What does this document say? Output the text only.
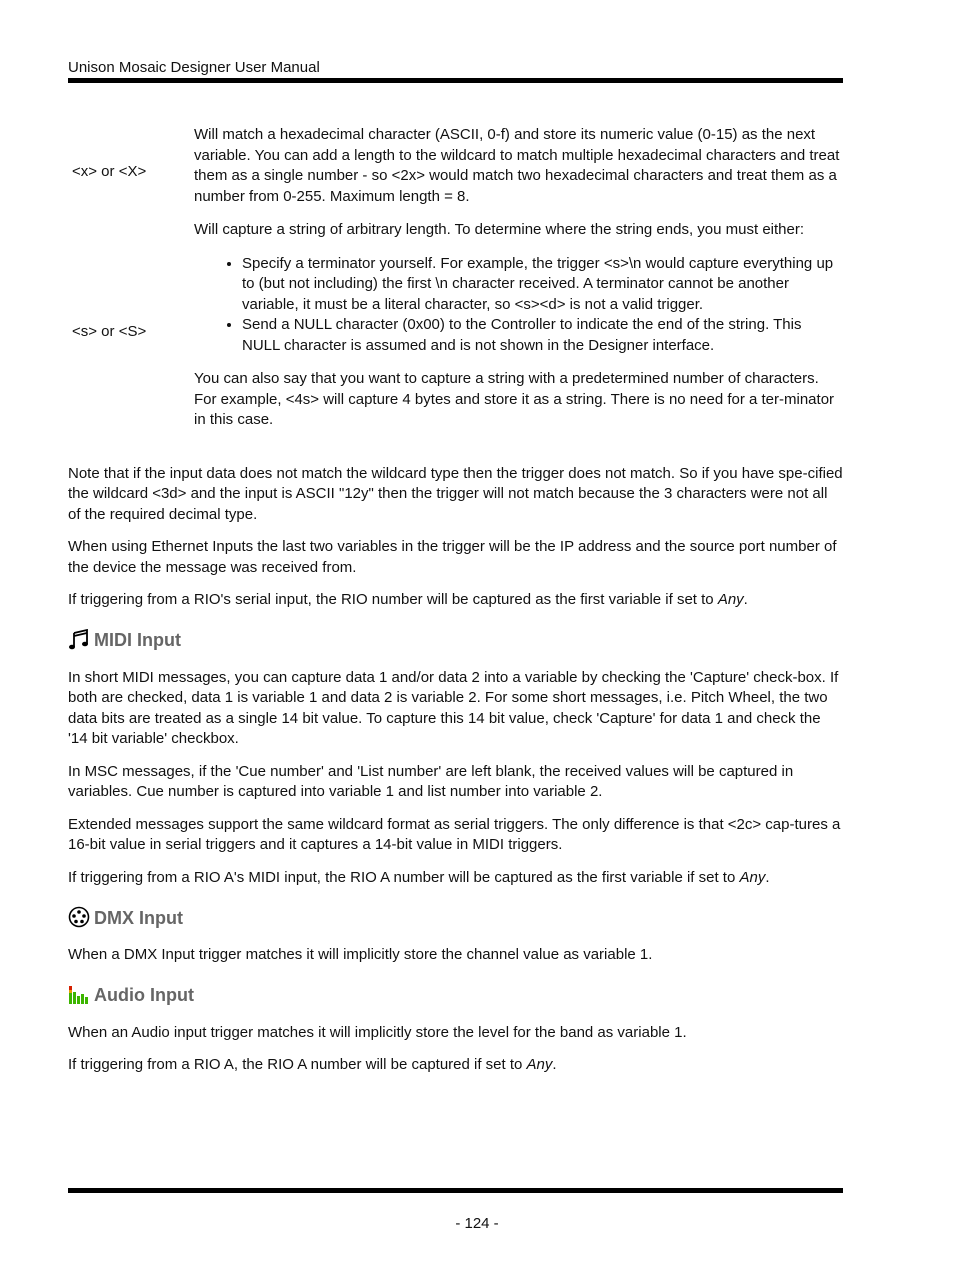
Unison Mosaic Designer User Manual
<x> or <X>

Will match a hexadecimal character (ASCII, 0-f) and store its numeric value (0-15) as the next variable. You can add a length to the wildcard to match multiple hexadecimal characters and treat them as a single number - so <2x> would match two hexadecimal characters and treat them as a number from 0-255. Maximum length = 8.

<s> or <S>

Will capture a string of arbitrary length. To determine where the string ends, you must either:

• Specify a terminator yourself. For example, the trigger <s>\n would capture everything up to (but not including) the first \n character received. A terminator cannot be another variable, it must be a literal character, so <s><d> is not a valid trigger.
• Send a NULL character (0x00) to the Controller to indicate the end of the string. This NULL character is assumed and is not shown in the Designer interface.

You can also say that you want to capture a string with a predetermined number of characters. For example, <4s> will capture 4 bytes and store it as a string. There is no need for a ter-minator in this case.

Note that if the input data does not match the wildcard type then the trigger does not match. So if you have spe-cified the wildcard <3d> and the input is ASCII "12y" then the trigger will not match because the 3 characters were not all of the required decimal type.

When using Ethernet Inputs the last two variables in the trigger will be the IP address and the source port number of the device the message was received from.

If triggering from a RIO's serial input, the RIO number will be captured as the first variable if set to Any.

MIDI Input

In short MIDI messages, you can capture data 1 and/or data 2 into a variable by checking the 'Capture' check-box. If both are checked, data 1 is variable 1 and data 2 is variable 2. For some short messages, i.e. Pitch Wheel, the two data bits are treated as a single 14 bit value. To capture this 14 bit value, check 'Capture' for data 1 and check the '14 bit variable' checkbox.

In MSC messages, if the 'Cue number' and 'List number' are left blank, the received values will be captured in variables. Cue number is captured into variable 1 and list number into variable 2.

Extended messages support the same wildcard format as serial triggers. The only difference is that <2c> cap-tures a 16-bit value in serial triggers and it captures a 14-bit value in MIDI triggers.

If triggering from a RIO A's MIDI input, the RIO A number will be captured as the first variable if set to Any.

DMX Input

When a DMX Input trigger matches it will implicitly store the channel value as variable 1.

Audio Input

When an Audio input trigger matches it will implicitly store the level for the band as variable 1.

If triggering from a RIO A, the RIO A number will be captured if set to Any.

- 124 -
